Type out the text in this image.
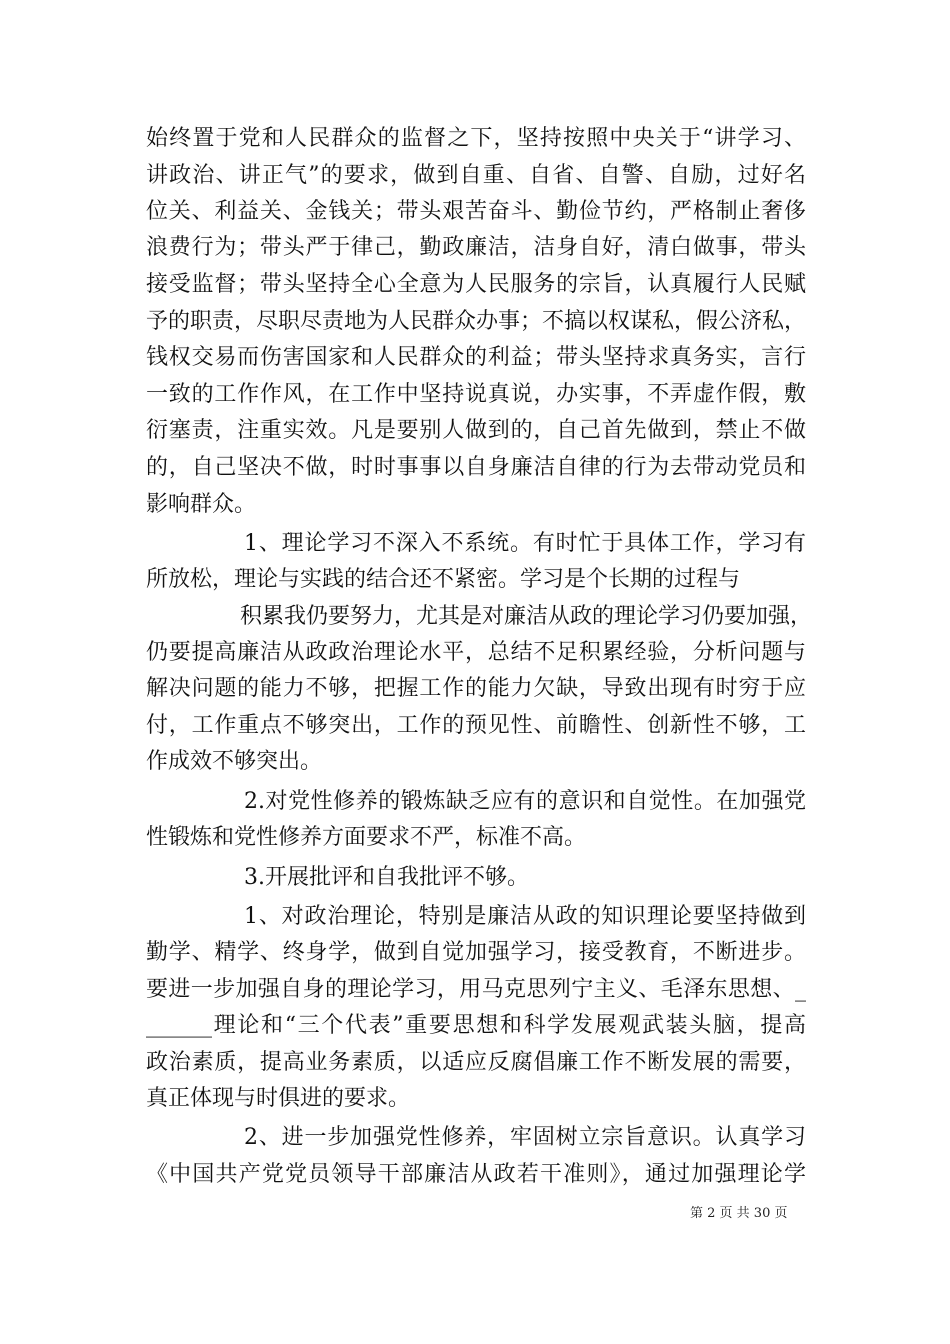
始终置于党和人民群众的监督之下，坚持按照中央关于“讲学习、
讲政治、讲正气”的要求，做到自重、自省、自警、自励，过好名
位关、利益关、金钱关；带头艰苦奋斗、勤俭节约，严格制止奢侈
浪费行为；带头严于律己，勤政廉洁，洁身自好，清白做事，带头
接受监督；带头坚持全心全意为人民服务的宗旨，认真履行人民赋
予的职责，尽职尽责地为人民群众办事；不搞以权谋私，假公济私，
钱权交易而伤害国家和人民群众的利益；带头坚持求真务实，言行
一致的工作作风，在工作中坚持说真说，办实事，不弄虚作假，敷
衍塞责，注重实效。凡是要别人做到的，自己首先做到，禁止不做
的，自己坚决不做，时时事事以自身廉洁自律的行为去带动党员和
影响群众。
1、理论学习不深入不系统。有时忙于具体工作，学习有
所放松，理论与实践的结合还不紧密。学习是个长期的过程与
积累我仍要努力，尤其是对廉洁从政的理论学习仍要加强，
仍要提高廉洁从政政治理论水平，总结不足积累经验，分析问题与
解决问题的能力不够，把握工作的能力欠缺，导致出现有时穷于应
付，工作重点不够突出，工作的预见性、前瞻性、创新性不够，工
作成效不够突出。
2.对党性修养的锻炼缺乏应有的意识和自觉性。在加强党
性锻炼和党性修养方面要求不严，标准不高。
3.开展批评和自我批评不够。
1、对政治理论，特别是廉洁从政的知识理论要坚持做到
勤学、精学、终身学，做到自觉加强学习，接受教育，不断进步。
要进一步加强自身的理论学习，用马克思列宁主义、毛泽东思想、_
______理论和“三个代表”重要思想和科学发展观武装头脑，提高
政治素质，提高业务素质，以适应反腐倡廉工作不断发展的需要，
真正体现与时俱进的要求。
2、进一步加强党性修养，牢固树立宗旨意识。认真学习
《中国共产党党员领导干部廉洁从政若干准则》，通过加强理论学
第 2 页 共 30 页
